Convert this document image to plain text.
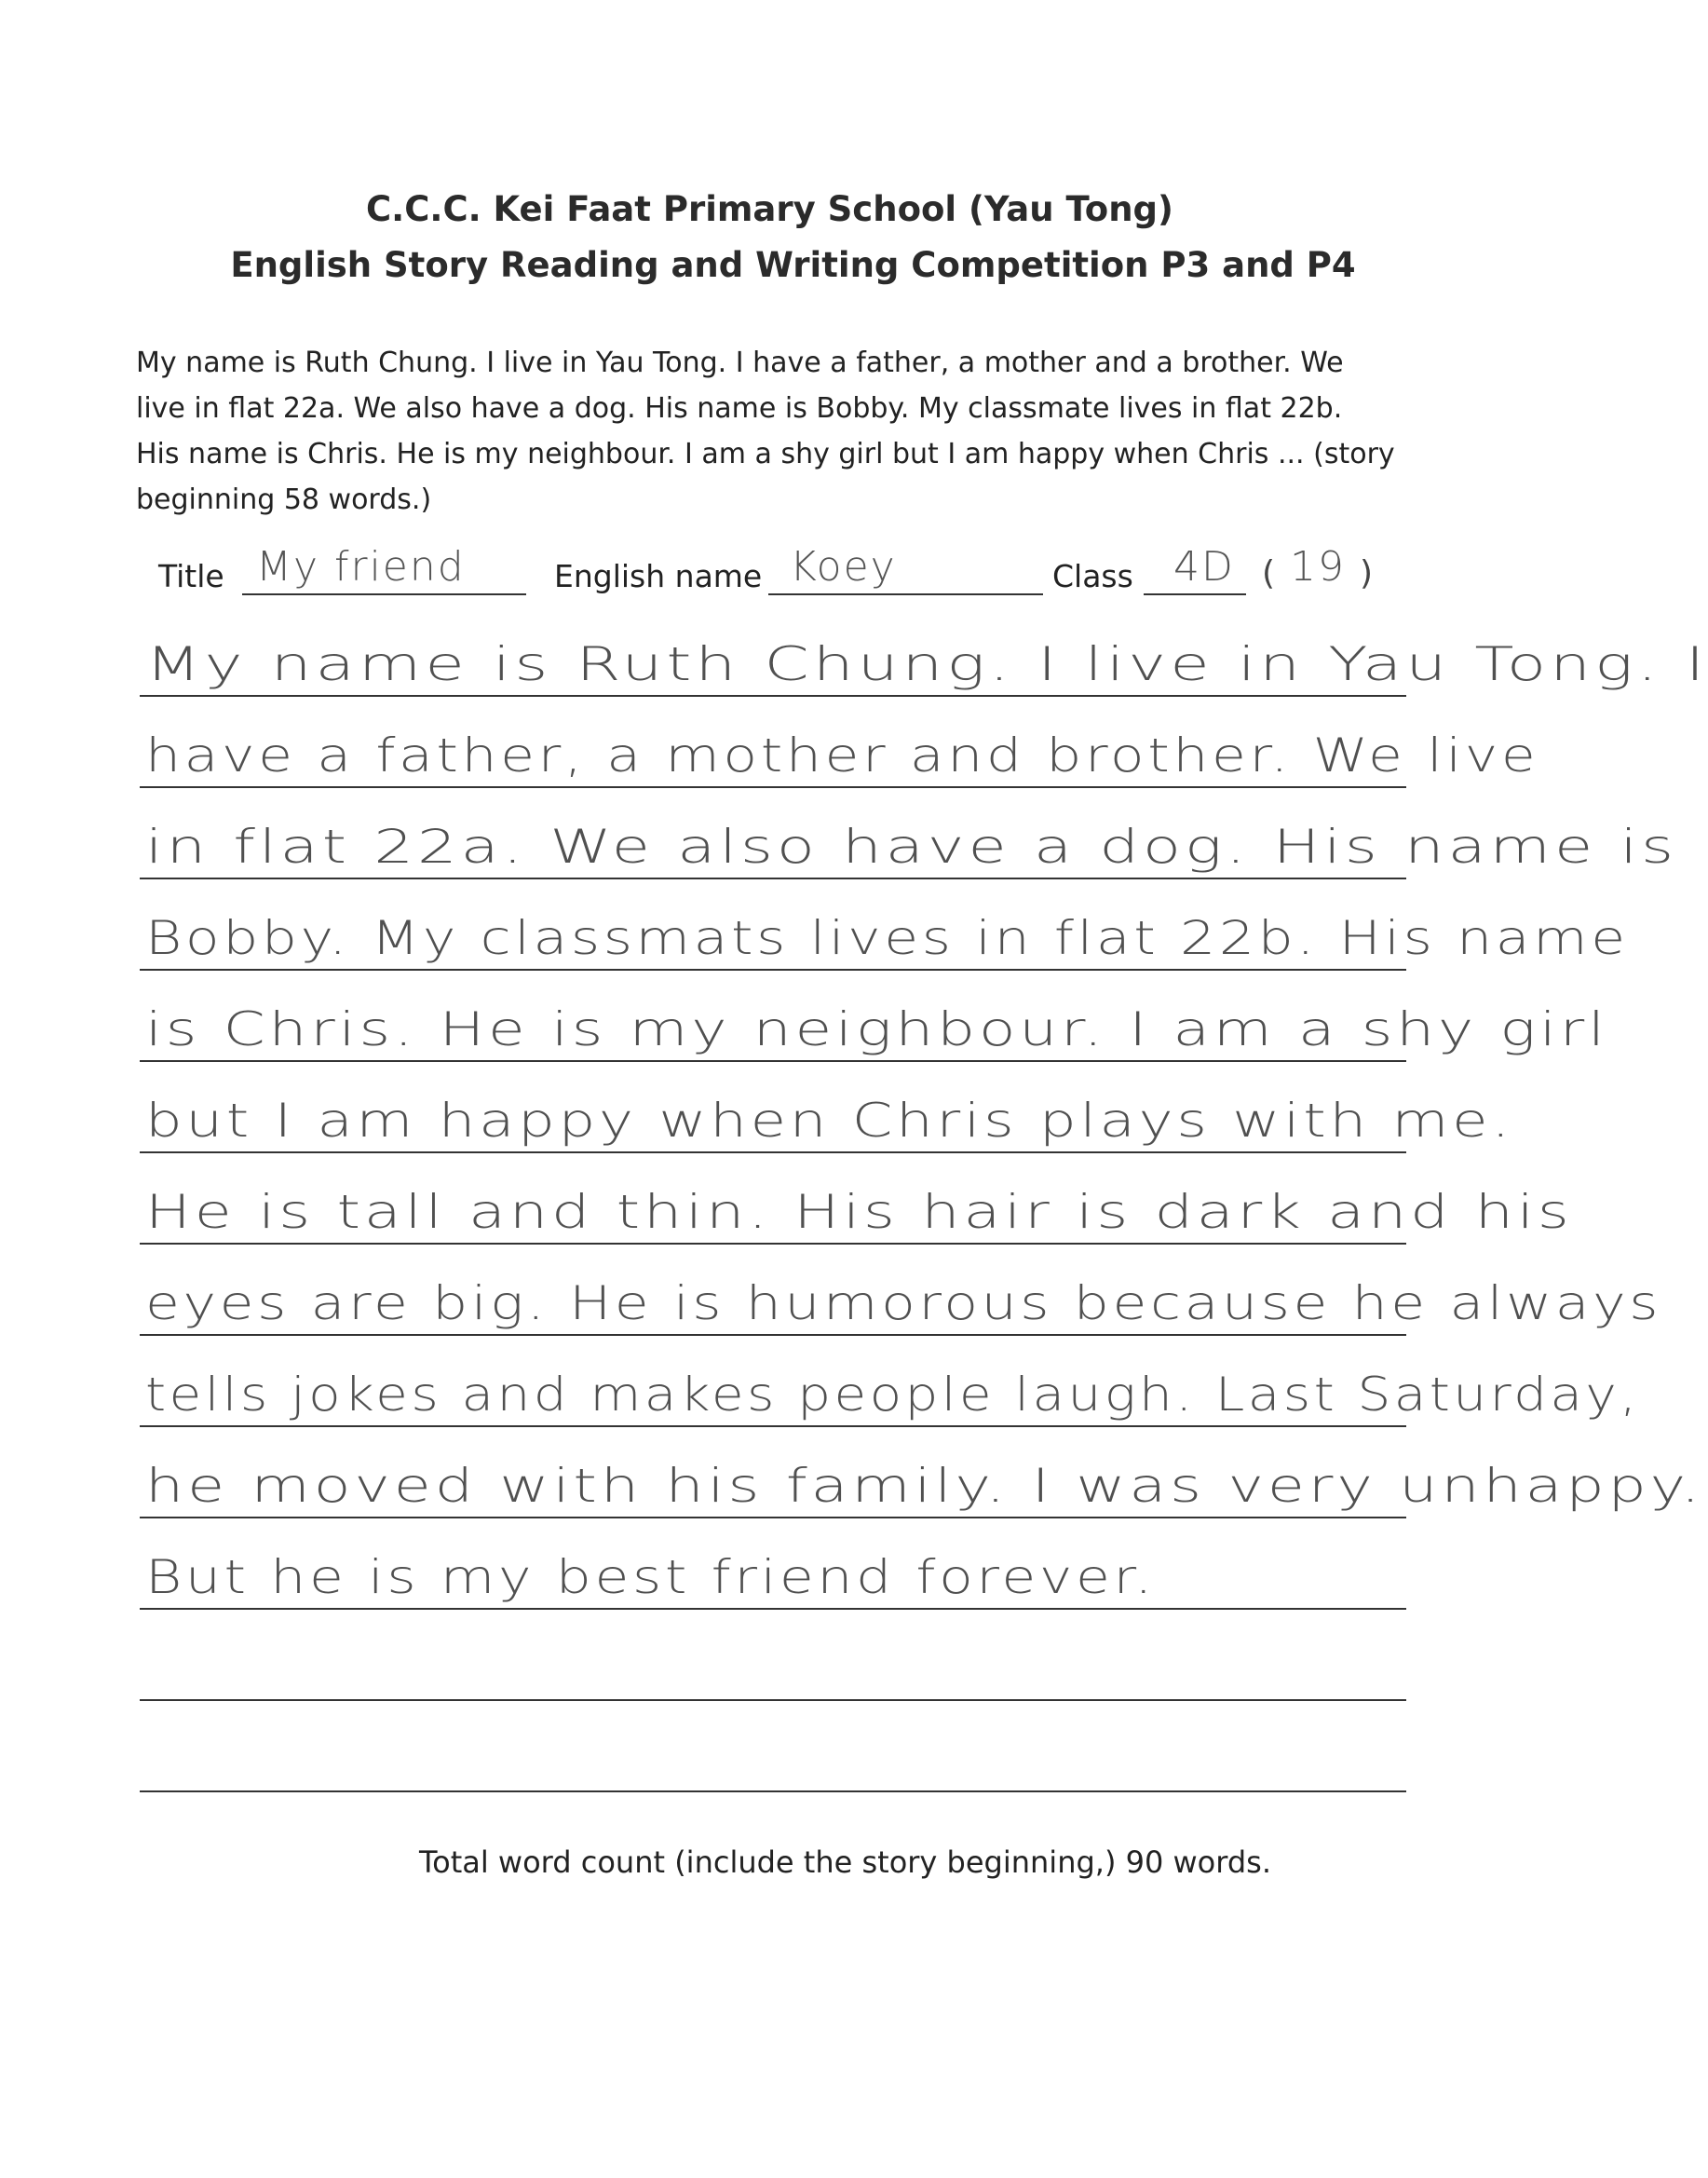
C.C.C. Kei Faat Primary School (Yau Tong)
English Story Reading and Writing Competition P3 and P4

My name is Ruth Chung. I live in Yau Tong. I have a father, a mother and a brother. We

live in flat 22a. We also have a dog. His name is Bobby. My classmate lives in flat 22b.

His name is Chris. He is my neighbour. I am a shy girl but I am happy when Chris ... (story

beginning 58 words.)

Title My friend	English name Koey	Class 4D ( 19 )
My name is Ruth Chung. I live in Yau Tong. I
have a father, a mother and brother. We live
in flat 22a. We also have a dog. His name is
Bobby. My classmats lives in flat 22b. His name
is Chris. He is my neighbour. I am a shy girl
but I am happy when Chris plays with me.
He is tall and thin. His hair is dark and his
eyes are big. He is humorous because he always
tells jokes and makes people laugh. Last Saturday,
he moved with his family. I was very unhappy.
But he is my best friend forever.
Total word count (include the story beginning,) 90 words.
